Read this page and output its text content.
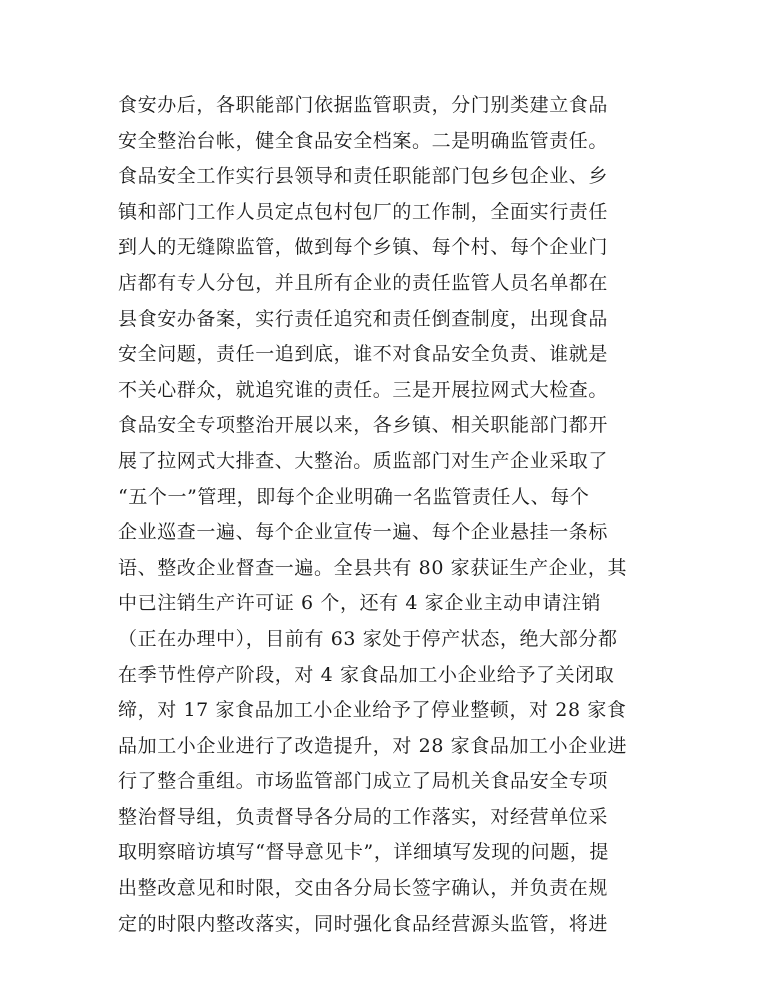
食安办后，各职能部门依据监管职责，分门别类建立食品
安全整治台帐，健全食品安全档案。二是明确监管责任。
食品安全工作实行县领导和责任职能部门包乡包企业、乡
镇和部门工作人员定点包村包厂的工作制，全面实行责任
到人的无缝隙监管，做到每个乡镇、每个村、每个企业门
店都有专人分包，并且所有企业的责任监管人员名单都在
县食安办备案，实行责任追究和责任倒查制度，出现食品
安全问题，责任一追到底，谁不对食品安全负责、谁就是
不关心群众，就追究谁的责任。三是开展拉网式大检查。
食品安全专项整治开展以来，各乡镇、相关职能部门都开
展了拉网式大排查、大整治。质监部门对生产企业采取了
“五个一”管理，即每个企业明确一名监管责任人、每个
企业巡查一遍、每个企业宣传一遍、每个企业悬挂一条标
语、整改企业督查一遍。全县共有 80 家获证生产企业，其
中已注销生产许可证 6 个，还有 4 家企业主动申请注销
（正在办理中），目前有 63 家处于停产状态，绝大部分都
在季节性停产阶段，对 4 家食品加工小企业给予了关闭取
缔，对 17 家食品加工小企业给予了停业整顿，对 28 家食
品加工小企业进行了改造提升，对 28 家食品加工小企业进
行了整合重组。市场监管部门成立了局机关食品安全专项
整治督导组，负责督导各分局的工作落实，对经营单位采
取明察暗访填写“督导意见卡”，详细填写发现的问题，提
出整改意见和时限，交由各分局长签字确认，并负责在规
定的时限内整改落实，同时强化食品经营源头监管，将进
